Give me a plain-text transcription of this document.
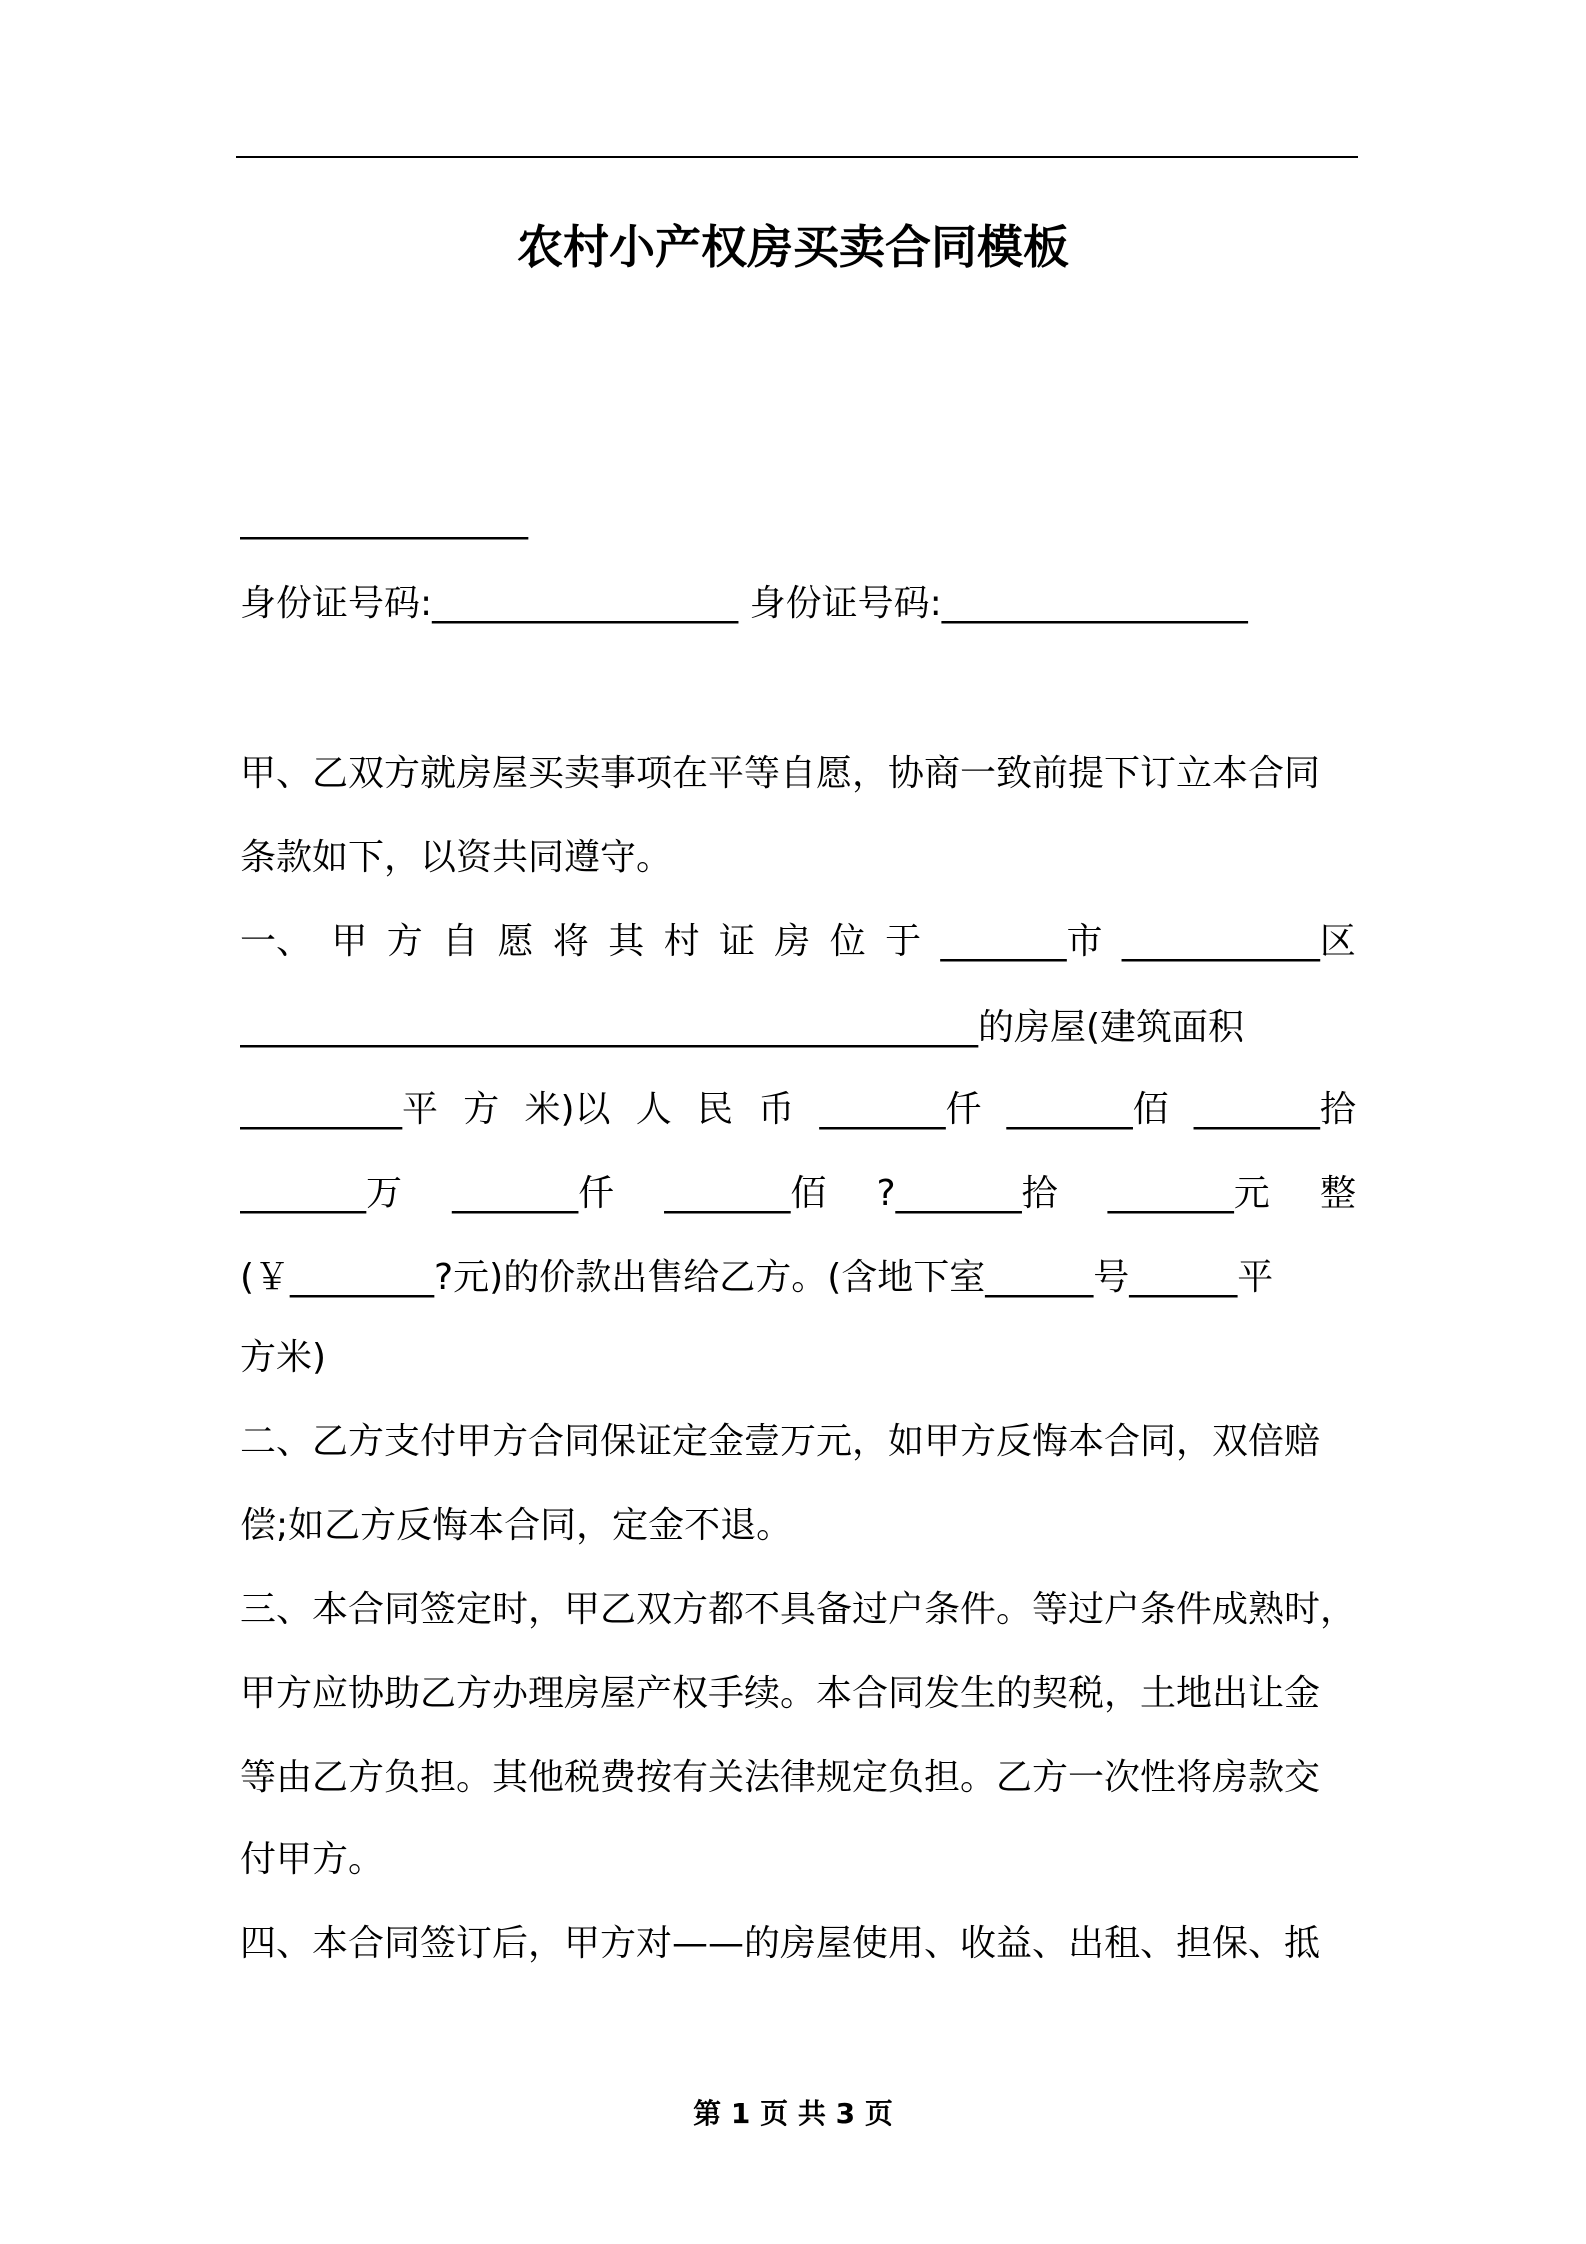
农村小产权房买卖合同模板
________________
身份证号码:_________________ 身份证号码:_________________
甲、乙双方就房屋买卖事项在平等自愿，协商一致前提下订立本合同
条款如下，以资共同遵守。
一、 甲 方 自 愿 将 其 村 证 房 位 于 _______市 ___________区
_________________________________________的房屋(建筑面积
_________平 方 米)以 人 民 币 _______仟 _______佰 _______拾
_______万 _______仟 _______佰 ?_______拾 _______元 整
(￥________?元)的价款出售给乙方。(含地下室______号______平
方米)
二、乙方支付甲方合同保证定金壹万元，如甲方反悔本合同，双倍赔
偿;如乙方反悔本合同，定金不退。
三、本合同签定时，甲乙双方都不具备过户条件。等过户条件成熟时，
甲方应协助乙方办理房屋产权手续。本合同发生的契税，土地出让金
等由乙方负担。其他税费按有关法律规定负担。乙方一次性将房款交
付甲方。
四、本合同签订后，甲方对——的房屋使用、收益、出租、担保、抵
第 1 页 共 3 页
